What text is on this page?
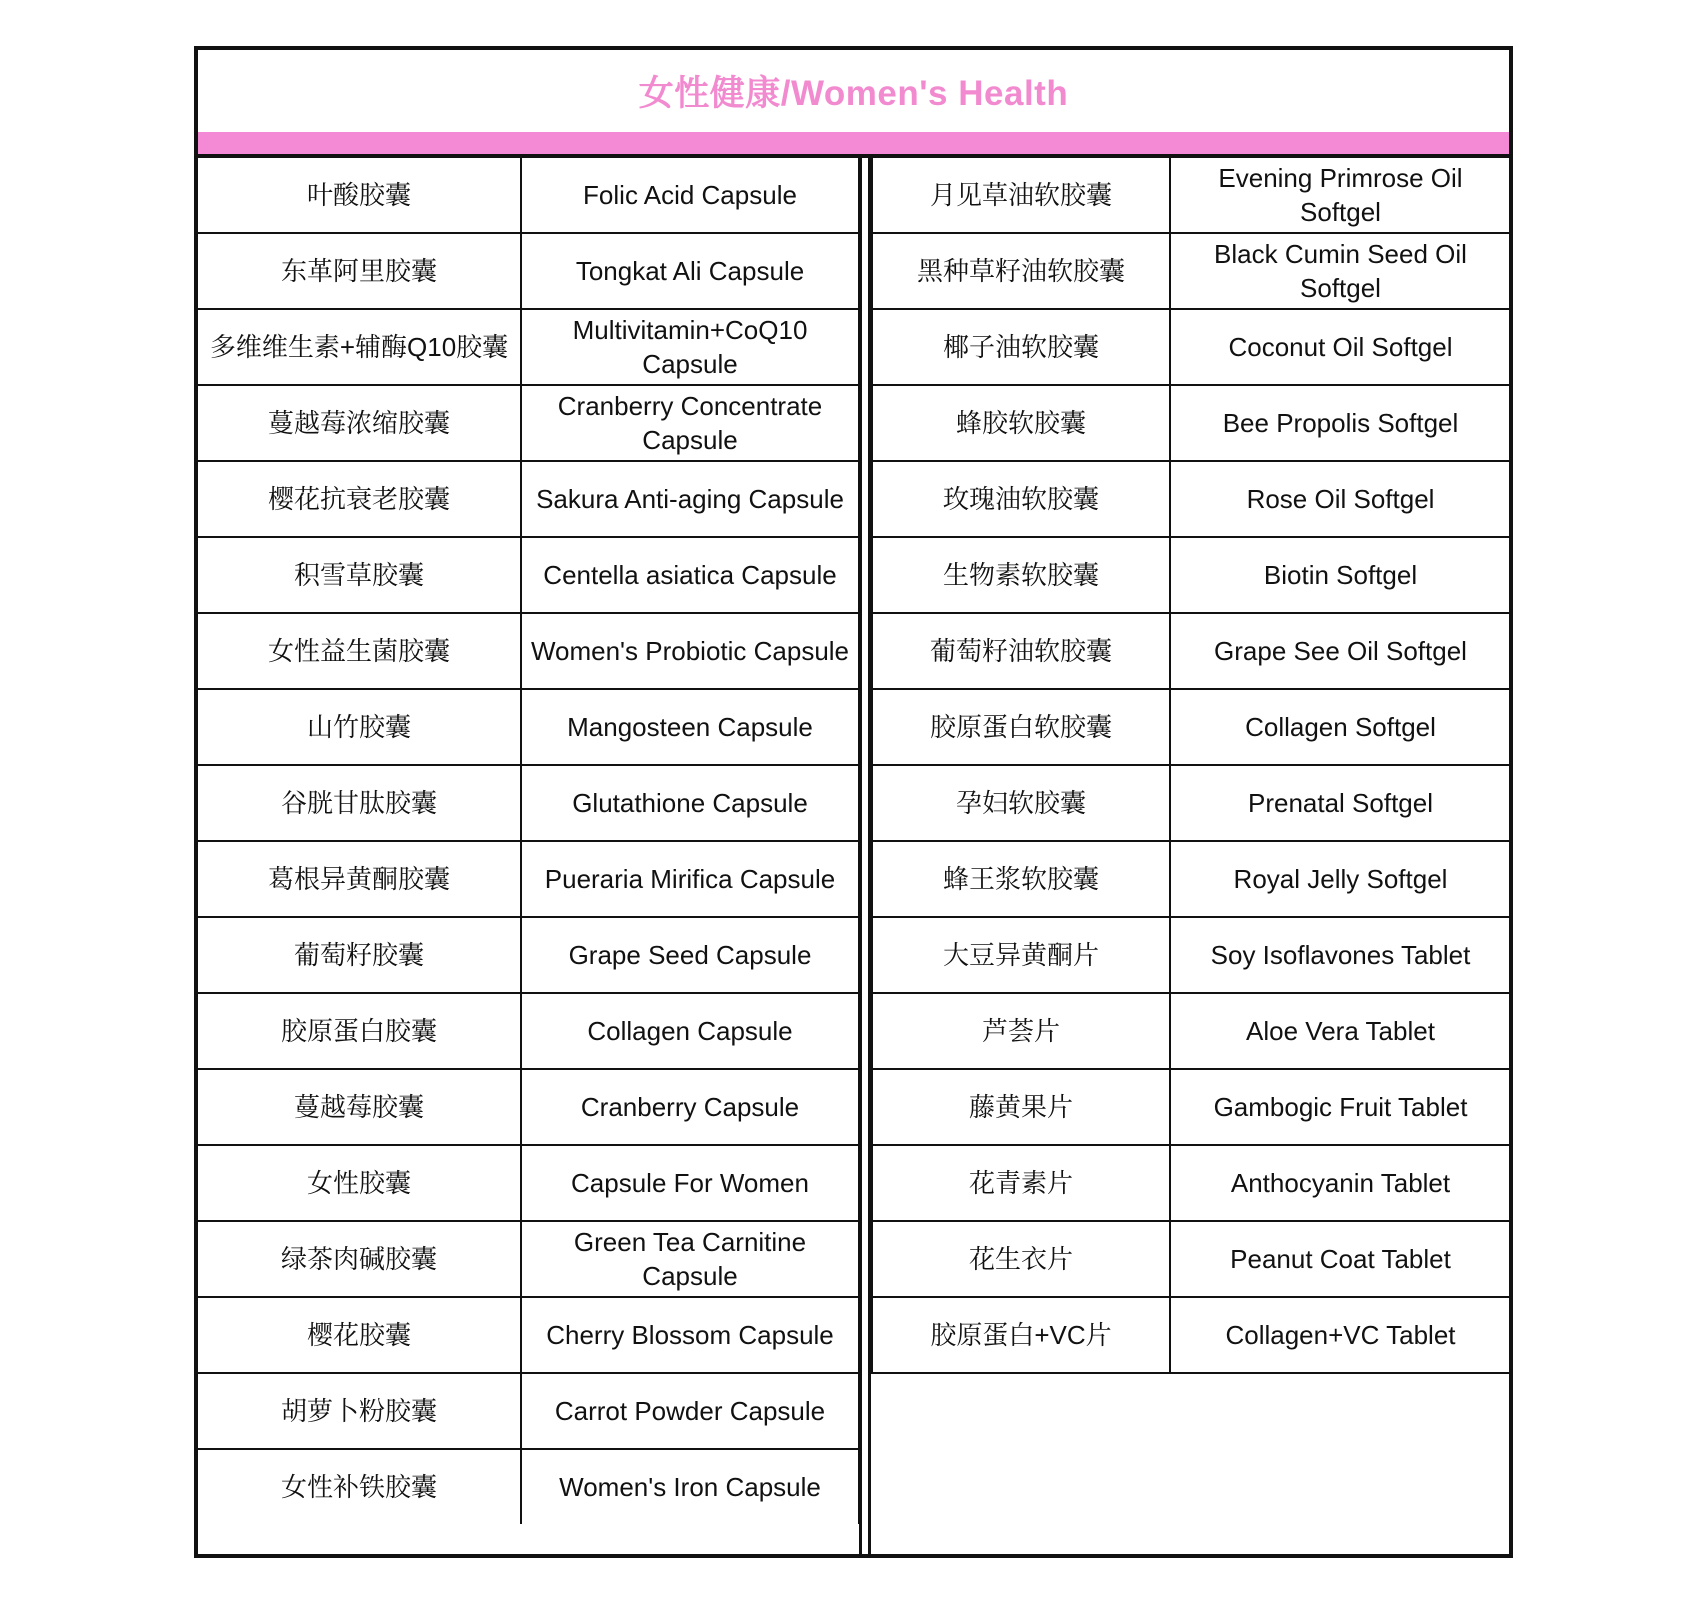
女性健康/Women's Health
叶酸胶囊	Folic Acid Capsule
东革阿里胶囊	Tongkat Ali Capsule
多维维生素+辅酶Q10胶囊	Multivitamin+CoQ10 Capsule
蔓越莓浓缩胶囊	Cranberry Concentrate Capsule
樱花抗衰老胶囊	Sakura Anti-aging Capsule
积雪草胶囊	Centella asiatica Capsule
女性益生菌胶囊	Women's Probiotic Capsule
山竹胶囊	Mangosteen Capsule
谷胱甘肽胶囊	Glutathione Capsule
葛根异黄酮胶囊	Pueraria Mirifica Capsule
葡萄籽胶囊	Grape Seed Capsule
胶原蛋白胶囊	Collagen Capsule
蔓越莓胶囊	Cranberry Capsule
女性胶囊	Capsule For Women
绿茶肉碱胶囊	Green Tea Carnitine Capsule
樱花胶囊	Cherry Blossom Capsule
胡萝卜粉胶囊	Carrot Powder Capsule
女性补铁胶囊	Women's Iron Capsule
月见草油软胶囊	Evening Primrose Oil Softgel
黑种草籽油软胶囊	Black Cumin Seed Oil Softgel
椰子油软胶囊	Coconut Oil Softgel
蜂胶软胶囊	Bee Propolis Softgel
玫瑰油软胶囊	Rose Oil Softgel
生物素软胶囊	Biotin Softgel
葡萄籽油软胶囊	Grape See Oil Softgel
胶原蛋白软胶囊	Collagen Softgel
孕妇软胶囊	Prenatal Softgel
蜂王浆软胶囊	Royal Jelly Softgel
大豆异黄酮片	Soy Isoflavones Tablet
芦荟片	Aloe Vera Tablet
藤黄果片	Gambogic Fruit Tablet
花青素片	Anthocyanin Tablet
花生衣片	Peanut Coat Tablet
胶原蛋白+VC片	Collagen+VC Tablet
